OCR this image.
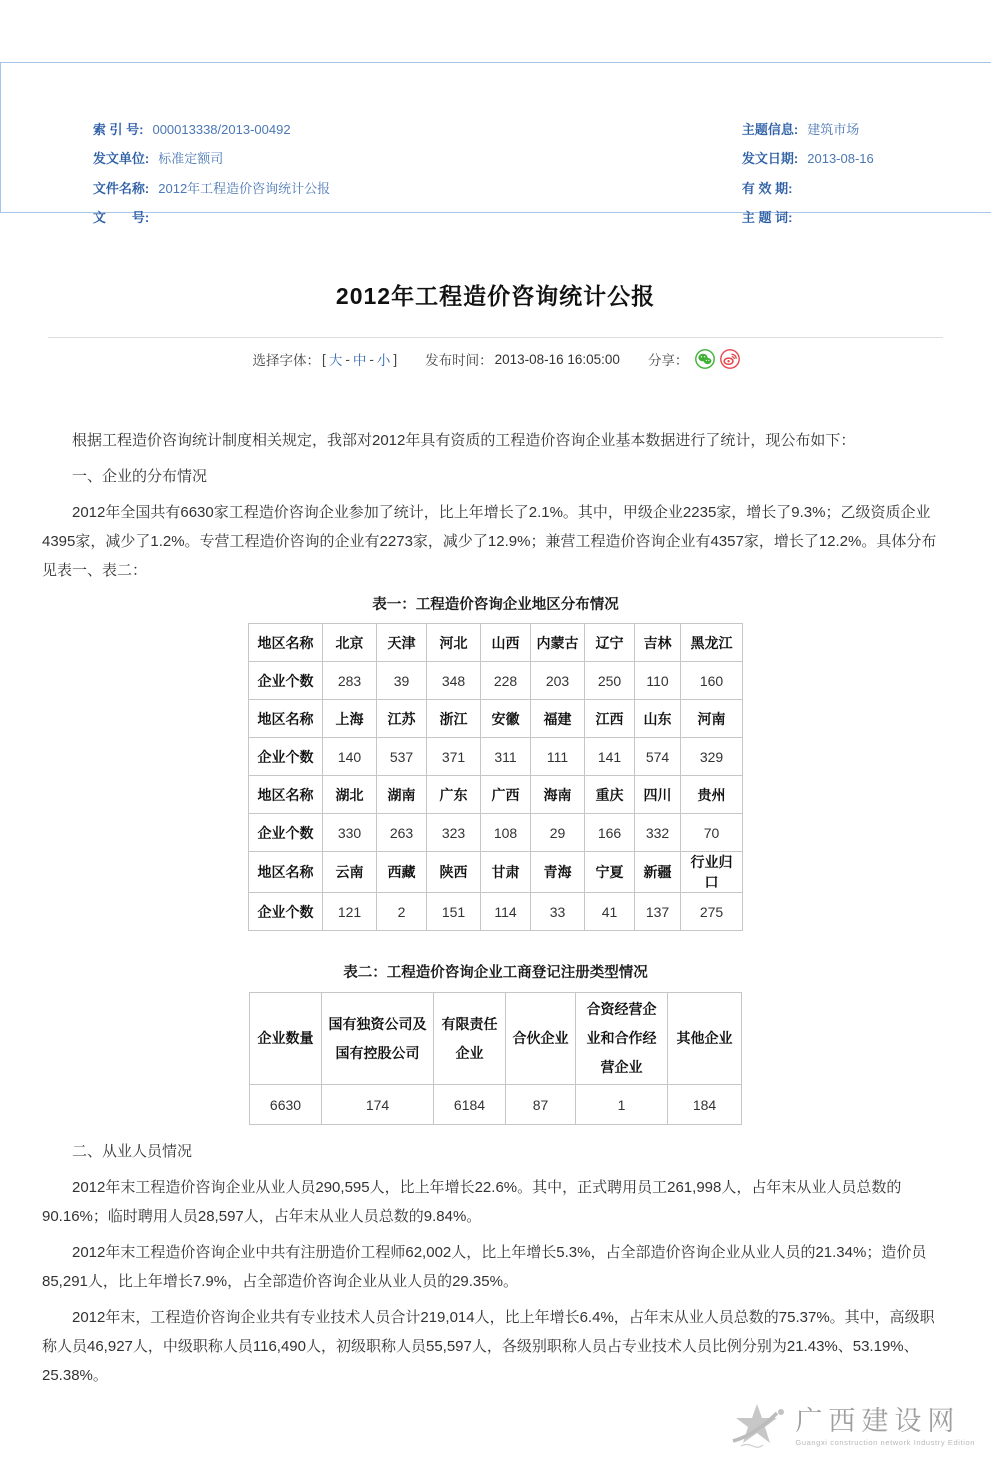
索 引 号: 000013338/2013-00492

发文单位: 标准定额司

文件名称: 2012年工程造价咨询统计公报

文　　号:

主题信息: 建筑市场

发文日期: 2013-08-16

有 效 期:

主 题 词:

2012年工程造价咨询统计公报
选择字体： [ 大 - 中 - 小 ] 发布时间： 2013-08-16 16:05:00 分享：

根据工程造价咨询统计制度相关规定，我部对2012年具有资质的工程造价咨询企业基本数据进行了统计，现公布如下：

一、企业的分布情况

2012年全国共有6630家工程造价咨询企业参加了统计，比上年增长了2.1%。其中，甲级企业2235家，增长了9.3%；乙级资质企业4395家，减少了1.2%。专营工程造价咨询的企业有2273家，减少了12.9%；兼营工程造价咨询企业有4357家，增长了12.2%。具体分布见表一、表二：

表一：工程造价咨询企业地区分布情况
地区名称	北京	天津	河北	山西	内蒙古	辽宁	吉林	黑龙江
企业个数	283	39	348	228	203	250	110	160
地区名称	上海	江苏	浙江	安徽	福建	江西	山东	河南
企业个数	140	537	371	311	111	141	574	329
地区名称	湖北	湖南	广东	广西	海南	重庆	四川	贵州
企业个数	330	263	323	108	29	166	332	70
地区名称	云南	西藏	陕西	甘肃	青海	宁夏	新疆	行业归口
企业个数	121	2	151	114	33	41	137	275
表二：工程造价咨询企业工商登记注册类型情况
企业数量	国有独资公司及国有控股公司	有限责任企业	合伙企业	合资经营企业和合作经营企业	其他企业
6630	174	6184	87	1	184

二、从业人员情况

2012年末工程造价咨询企业从业人员290,595人，比上年增长22.6%。其中，正式聘用员工261,998人，占年末从业人员总数的90.16%；临时聘用人员28,597人，占年末从业人员总数的9.84%。

2012年末工程造价咨询企业中共有注册造价工程师62,002人，比上年增长5.3%，占全部造价咨询企业从业人员的21.34%；造价员85,291人，比上年增长7.9%，占全部造价咨询企业从业人员的29.35%。

2012年末，工程造价咨询企业共有专业技术人员合计219,014人，比上年增长6.4%，占年末从业人员总数的75.37%。其中，高级职称人员46,927人，中级职称人员116,490人，初级职称人员55,597人，各级别职称人员占专业技术人员比例分别为21.43%、53.19%、25.38%。

广西建设网
Guangxi construction network Industry Edition
